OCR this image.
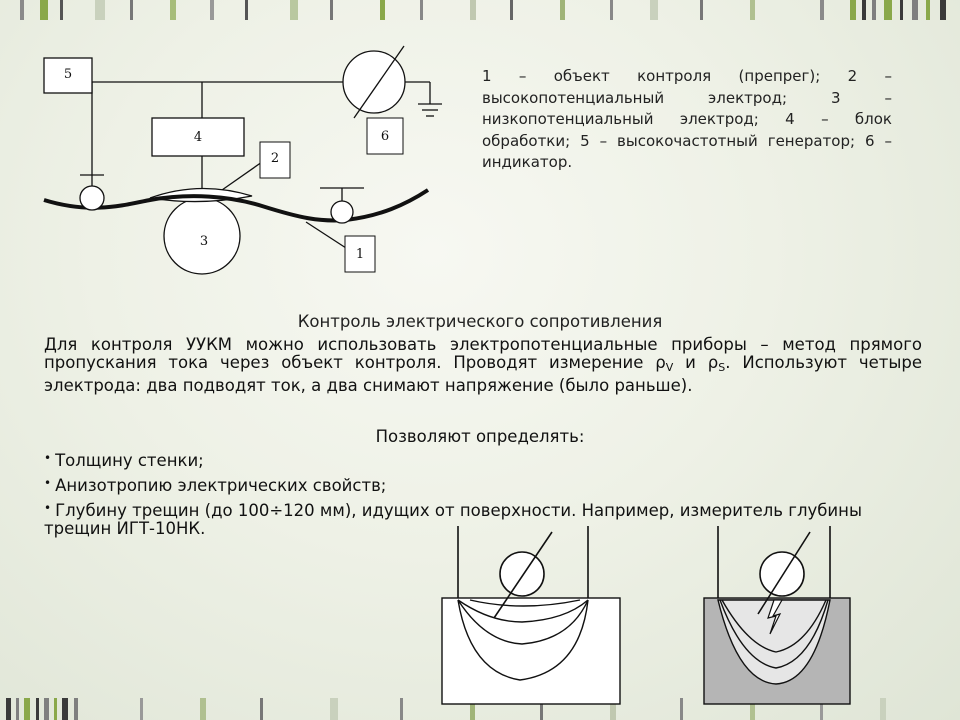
5
4	6
2
3
1
1 – объект контроля (препрег); 2 – высокопотенциальный электрод; 3 – низкопотенциальный электрод; 4 – блок обработки; 5 – высокочастотный генератор; 6 – индикатор.
Контроль электрического сопротивления
Для контроля УУКМ можно использовать электропотенциальные приборы – метод прямого пропускания тока через объект контроля. Проводят измерение $\rho_V$ и $\rho_S$. Используют четыре электрода: два подводят ток, а два снимают напряжение (было раньше).
Позволяют определять:
• Толщину стенки;
• Анизотропию электрических свойств;
• Глубину трещин (до 100÷120 мм), идущих от поверхности. Например, измеритель глубины трещин ИГТ-10НК.
